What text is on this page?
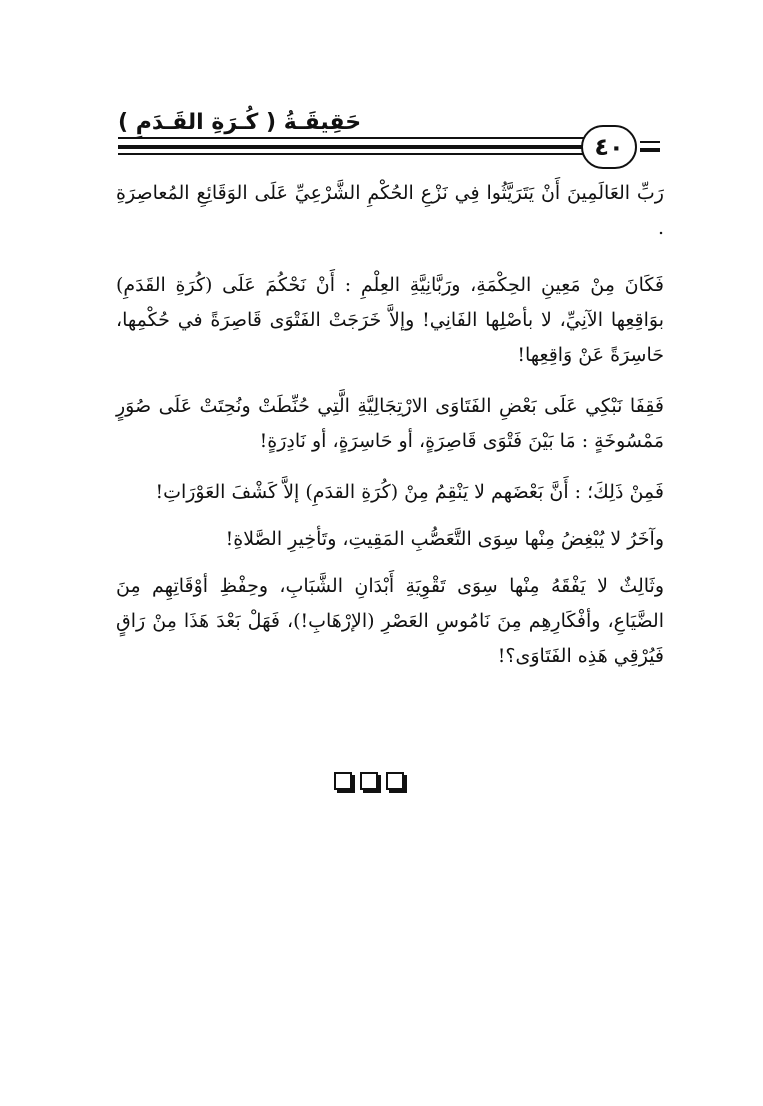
حَقِيقَـةُ ( كُـرَةِ القَـدَمِ )
٤٠

رَبِّ العَالَمِينَ أَنْ يَتَرَيَّثُوا فِي نَزْعِ الحُكْمِ الشَّرْعِيِّ عَلَى الوَقَائِعِ المُعاصِرَةِ .

فَكَانَ مِنْ مَعِينِ الحِكْمَةِ، ورَبَّانِيَّةِ العِلْمِ : أَنْ نَحْكُمَ عَلَى (كُرَةِ القَدَمِ) بوَاقِعِها الآنِيِّ، لا بأصْلِها الفَانِي! وإلاَّ خَرَجَتْ الفَتْوَى قَاصِرَةً في حُكْمِها، حَاسِرَةً عَنْ وَاقِعِها!

فَقِفَا نَبْكِي عَلَى بَعْضِ الفَتَاوَى الارْتِجَالِيَّةِ الَّتِي حُنِّطَتْ ونُحِتَتْ عَلَى صُوَرٍ مَمْسُوخَةٍ : مَا بَيْنَ فَتْوَى قَاصِرَةٍ، أو حَاسِرَةٍ، أو نَادِرَةٍ!

فَمِنْ ذَلِكَ؛ : أَنَّ بَعْضَهم لا يَنْقِمُ مِنْ (كُرَةِ القدَمِ) إلاَّ كَشْفَ العَوْرَاتِ!

وآخَرُ لا يُبْغِضُ مِنْها سِوَى التَّعَصُّبِ المَقِيتِ، وتَأخِيرِ الصَّلاةِ!

وثَالِثٌ لا يَفْقَهُ مِنْها سِوَى تَقْوِيَةِ أَبْدَانِ الشَّبَابِ، وحِفْظِ أوْقَاتِهِم مِنَ الضَّيَاعِ، وأفْكَارِهِم مِنَ نَامُوسِ العَصْرِ (الإرْهَابِ!)، فَهَلْ بَعْدَ هَذَا مِنْ رَاقٍ فَيُرْقِي هَذِه الفَتَاوَى؟!
